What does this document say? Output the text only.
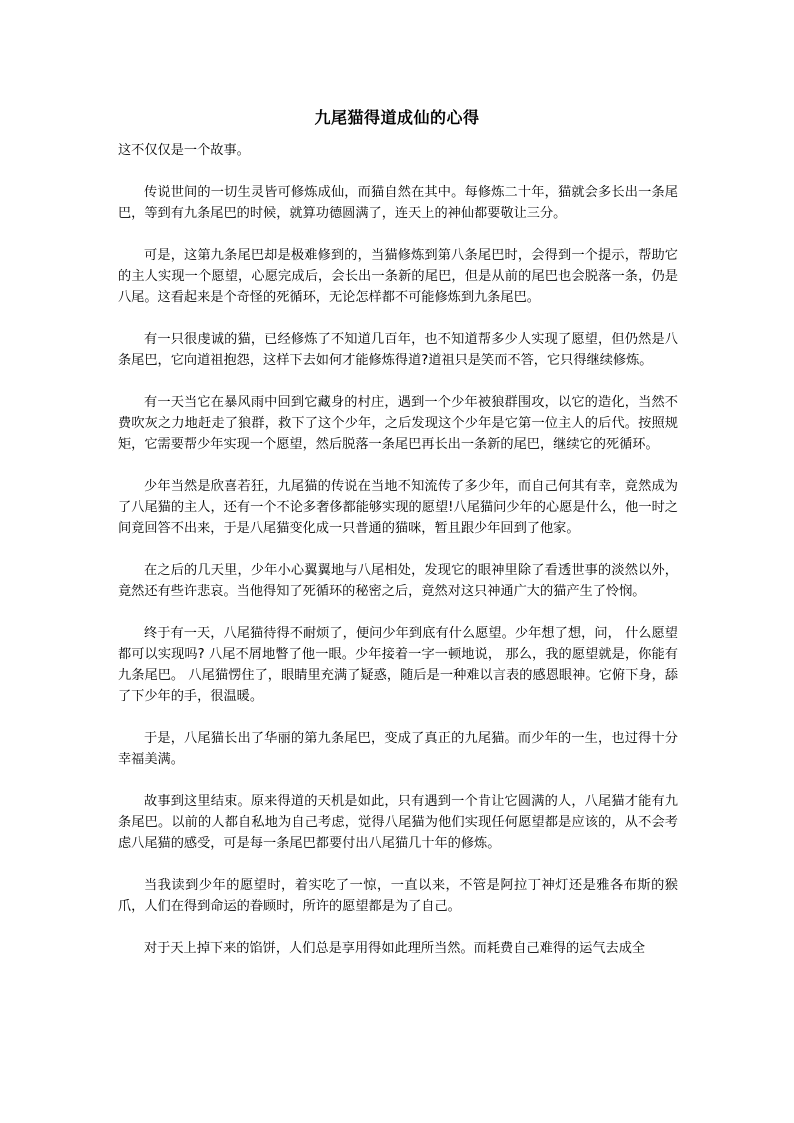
九尾猫得道成仙的心得

这不仅仅是一个故事。

传说世间的一切生灵皆可修炼成仙，而猫自然在其中。每修炼二十年，猫就会多长出一条尾巴，等到有九条尾巴的时候，就算功德圆满了，连天上的神仙都要敬让三分。

可是，这第九条尾巴却是极难修到的，当猫修炼到第八条尾巴时，会得到一个提示，帮助它的主人实现一个愿望，心愿完成后，会长出一条新的尾巴，但是从前的尾巴也会脱落一条，仍是八尾。这看起来是个奇怪的死循环，无论怎样都不可能修炼到九条尾巴。

有一只很虔诚的猫，已经修炼了不知道几百年，也不知道帮多少人实现了愿望，但仍然是八条尾巴，它向道祖抱怨，这样下去如何才能修炼得道?道祖只是笑而不答，它只得继续修炼。

有一天当它在暴风雨中回到它藏身的村庄，遇到一个少年被狼群围攻，以它的造化，当然不费吹灰之力地赶走了狼群，救下了这个少年，之后发现这个少年是它第一位主人的后代。按照规矩，它需要帮少年实现一个愿望，然后脱落一条尾巴再长出一条新的尾巴，继续它的死循环。

少年当然是欣喜若狂，九尾猫的传说在当地不知流传了多少年，而自己何其有幸，竟然成为了八尾猫的主人，还有一个不论多奢侈都能够实现的愿望!八尾猫问少年的心愿是什么，他一时之间竟回答不出来，于是八尾猫变化成一只普通的猫咪，暂且跟少年回到了他家。

在之后的几天里，少年小心翼翼地与八尾相处，发现它的眼神里除了看透世事的淡然以外，竟然还有些许悲哀。当他得知了死循环的秘密之后，竟然对这只神通广大的猫产生了怜悯。

终于有一天，八尾猫待得不耐烦了，便问少年到底有什么愿望。少年想了想，问， 什么愿望都可以实现吗? 八尾不屑地瞥了他一眼。少年接着一字一顿地说， 那么，我的愿望就是，你能有九条尾巴。 八尾猫愣住了，眼睛里充满了疑惑，随后是一种难以言表的感恩眼神。它俯下身，舔了下少年的手，很温暖。

于是，八尾猫长出了华丽的第九条尾巴，变成了真正的九尾猫。而少年的一生，也过得十分幸福美满。

故事到这里结束。原来得道的天机是如此，只有遇到一个肯让它圆满的人，八尾猫才能有九条尾巴。以前的人都自私地为自己考虑，觉得八尾猫为他们实现任何愿望都是应该的，从不会考虑八尾猫的感受，可是每一条尾巴都要付出八尾猫几十年的修炼。

当我读到少年的愿望时，着实吃了一惊，一直以来，不管是阿拉丁神灯还是雅各布斯的猴爪，人们在得到命运的眷顾时，所许的愿望都是为了自己。

对于天上掉下来的馅饼，人们总是享用得如此理所当然。而耗费自己难得的运气去成全
